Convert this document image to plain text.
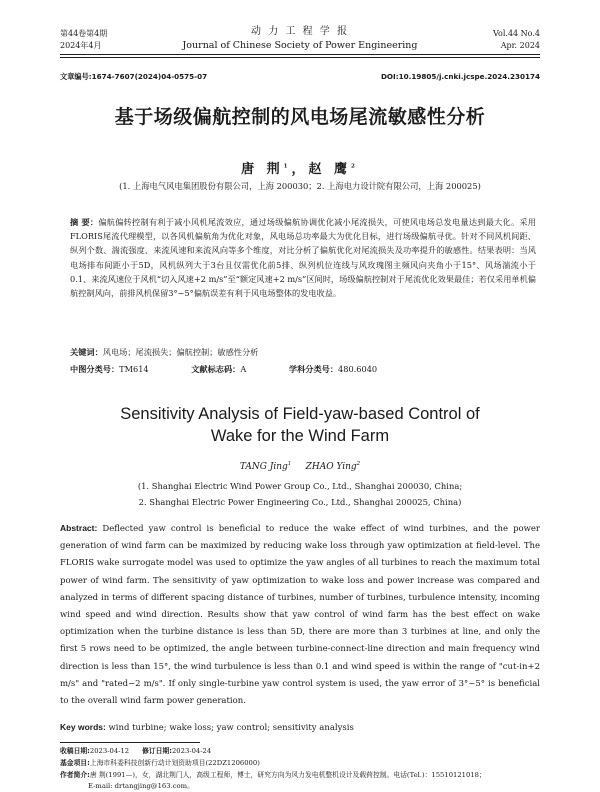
第44卷第4期
2024年4月
动 力 工 程 学 报
Journal of Chinese Society of Power Engineering
Vol.44 No.4
Apr. 2024
文章编号:1674-7607(2024)04-0575-07	DOI:10.19805/j.cnki.jcspe.2024.230174
基于场级偏航控制的风电场尾流敏感性分析
唐 荆$^1$，赵 鹰$^2$
(1. 上海电气风电集团股份有限公司，上海 200030；2. 上海电力设计院有限公司，上海 200025)
摘 要：偏航偏转控制有利于减小风机尾流效应，通过场级偏航协调优化减小尾流损失，可使风电场总发电量达到最大化。采用FLORIS尾流代理模型，以各风机偏航角为优化对象，风电场总功率最大为优化目标，进行场级偏航寻优。针对不同风机间距、纵列个数、湍流强度、来流风速和来流风向等多个维度，对比分析了偏航优化对尾流损失及功率提升的敏感性。结果表明：当风电场排布间距小于5D，风机纵列大于3台且仅需优化前5排、纵列机位连线与风玫瑰图主频风向夹角小于15°、风场湍流小于0.1、来流风速位于风机“切入风速+2 m/s”至“额定风速+2 m/s”区间时，场级偏航控制对于尾流优化效果最佳；若仅采用单机偏航控制风向，前排风机保留3°~5°偏航误差有利于风电场整体的发电收益。
关键词：风电场；尾流损失；偏航控制；敏感性分析
中图分类号：TM614	文献标志码：A	学科分类号：480.6040
Sensitivity Analysis of Field-yaw-based Control of
Wake for the Wind Farm
TANG Jing$^1$ ZHAO Ying$^2$
(1. Shanghai Electric Wind Power Group Co., Ltd., Shanghai 200030, China;
2. Shanghai Electric Power Engineering Co., Ltd., Shanghai 200025, China)
Abstract: Deflected yaw control is beneficial to reduce the wake effect of wind turbines, and the power generation of wind farm can be maximized by reducing wake loss through yaw optimization at field-level. The FLORIS wake surrogate model was used to optimize the yaw angles of all turbines to reach the maximum total power of wind farm. The sensitivity of yaw optimization to wake loss and power increase was compared and analyzed in terms of different spacing distance of turbines, number of turbines, turbulence intensity, incoming wind speed and wind direction. Results show that yaw control of wind farm has the best effect on wake optimization when the turbine distance is less than 5D, there are more than 3 turbines at line, and only the first 5 rows need to be optimized, the angle between turbine-connect-line direction and main frequency wind direction is less than 15°, the wind turbulence is less than 0.1 and wind speed is within the range of "cut-in+2 m/s" and "rated−2 m/s". If only single-turbine yaw control system is used, the yaw error of 3°~5° is beneficial to the overall wind farm power generation.
Key words: wind turbine; wake loss; yaw control; sensitivity analysis
收稿日期:2023-04-12 修订日期:2023-04-24
基金项目:上海市科委科技创新行动计划资助项目(22DZ1206000)
作者简介:唐 荆(1991—)，女，湖北荆门人，高级工程师，博士，研究方向为风力发电机整机设计及载荷控制。电话(Tel.)：15510121018；
E-mail: drtangjing@163.com。
